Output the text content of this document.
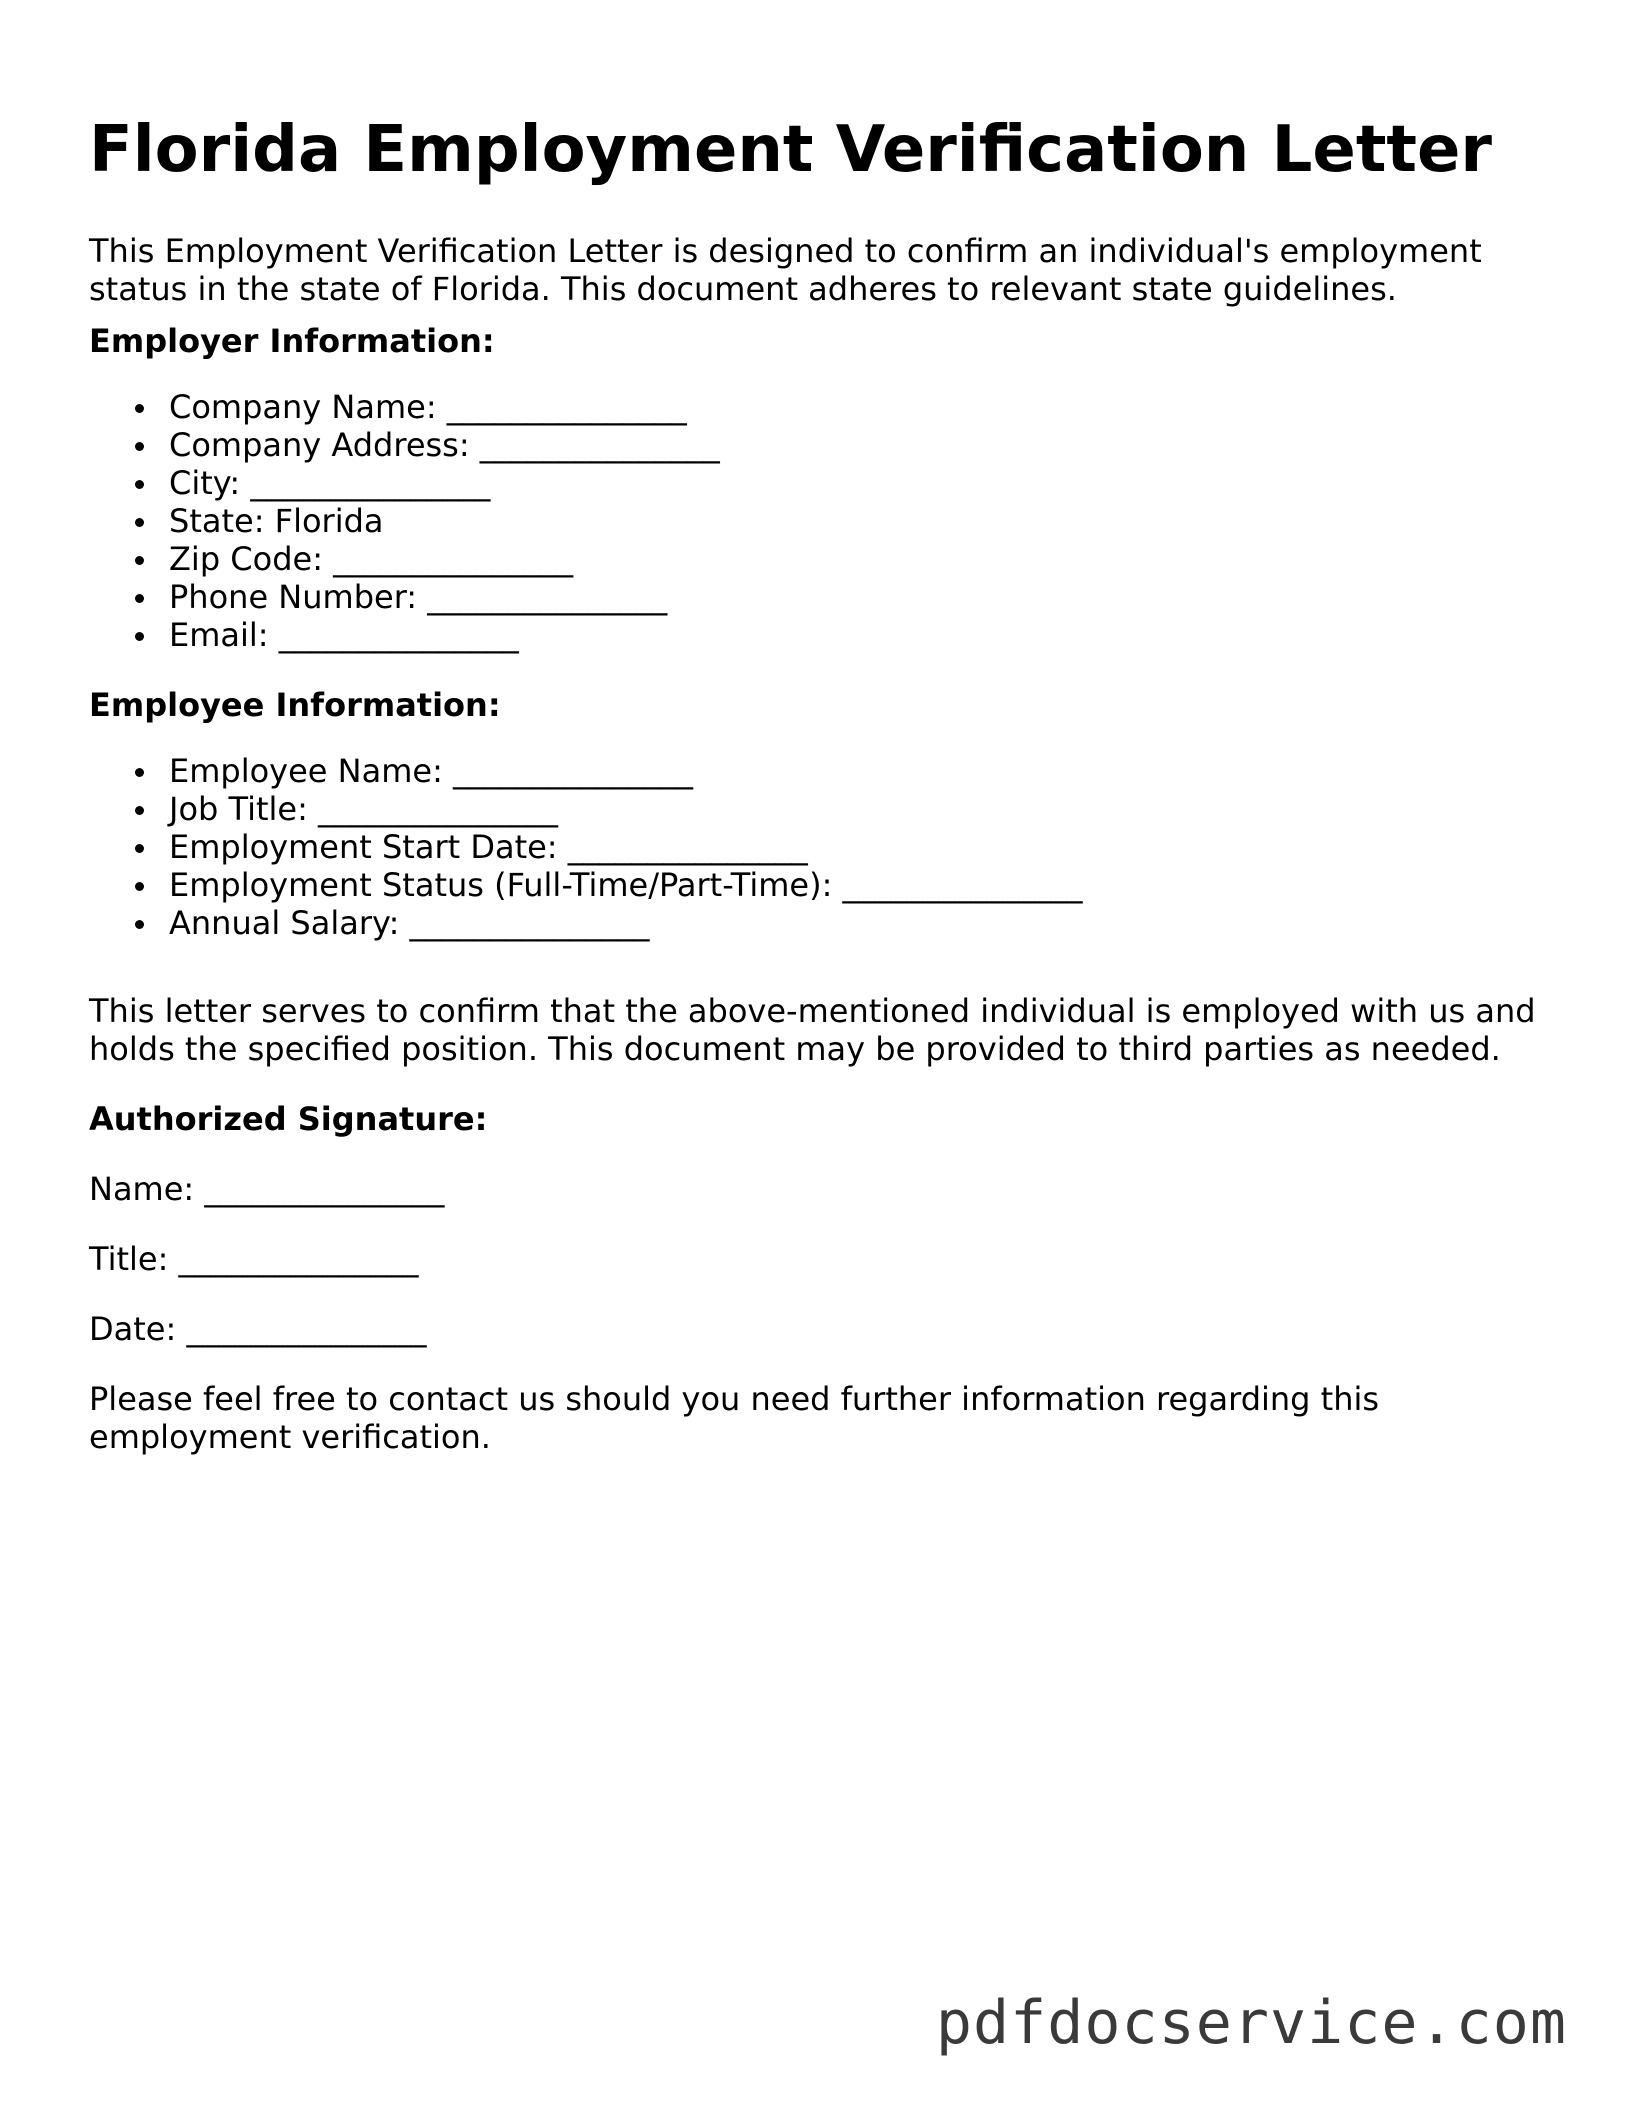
Florida Employment Verification Letter

This Employment Verification Letter is designed to confirm an individual's employment status in the state of Florida. This document adheres to relevant state guidelines.

Employer Information:

Company Name: _______________
Company Address: _______________
City: _______________
State: Florida
Zip Code: _______________
Phone Number: _______________
Email: _______________

Employee Information:

Employee Name: _______________
Job Title: _______________
Employment Start Date: _______________
Employment Status (Full-Time/Part-Time): _______________
Annual Salary: _______________

This letter serves to confirm that the above-mentioned individual is employed with us and holds the specified position. This document may be provided to third parties as needed.

Authorized Signature:

Name: _______________

Title: _______________

Date: _______________

Please feel free to contact us should you need further information regarding this employment verification.

pdfdocservice.com
